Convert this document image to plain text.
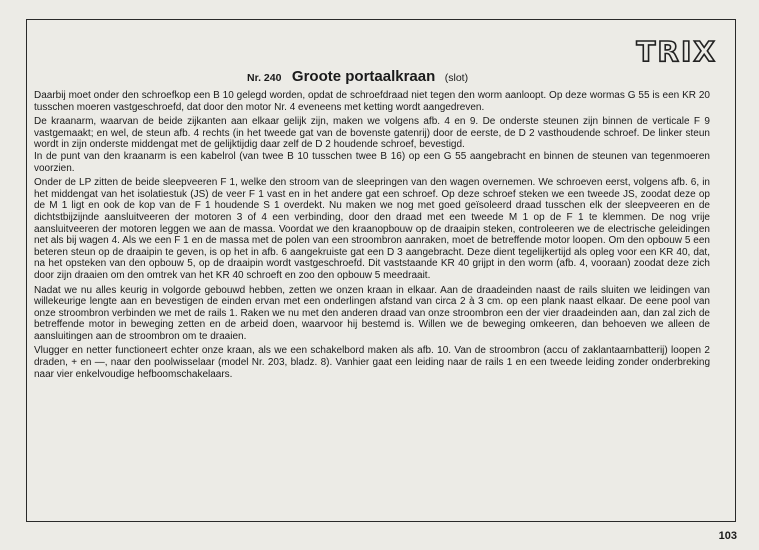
TRIX
Nr. 240 Groote portaalkraan (slot)

Daarbij moet onder den schroefkop een B 10 gelegd worden, opdat de schroefdraad niet tegen den worm aanloopt. Op deze wormas G 55 is een KR 20 tusschen moeren vastgeschroefd, dat door den motor Nr. 4 eveneens met ketting wordt aangedreven.

De kraanarm, waarvan de beide zijkanten aan elkaar gelijk zijn, maken we volgens afb. 4 en 9. De onderste steunen zijn binnen de verticale F 9 vastgemaakt; en wel, de steun afb. 4 rechts (in het tweede gat van de bovenste gatenrij) door de eerste, de D 2 vasthoudende schroef. De linker steun wordt in zijn onderste middengat met de gelijktijdig daar zelf de D 2 houdende schroef, bevestigd.

In de punt van den kraanarm is een kabelrol (van twee B 10 tusschen twee B 16) op een G 55 aangebracht en binnen de steunen van tegenmoeren voorzien.

Onder de LP zitten de beide sleepveeren F 1, welke den stroom van de sleepringen van den wagen overnemen. We schroeven eerst, volgens afb. 6, in het middengat van het isolatiestuk (JS) de veer F 1 vast en in het andere gat een schroef. Op deze schroef steken we een tweede JS, zoodat deze op de M 1 ligt en ook de kop van de F 1 houdende S 1 overdekt. Nu maken we nog met goed geïsoleerd draad tusschen elk der sleepveeren en de dichtstbijzijnde aansluitveeren der motoren 3 of 4 een verbinding, door den draad met een tweede M 1 op de F 1 te klemmen. De nog vrije aansluitveeren der motoren leggen we aan de massa. Voordat we den kraanopbouw op de draaipin steken, controleeren we de electrische geleidingen net als bij wagen 4. Als we een F 1 en de massa met de polen van een stroombron aanraken, moet de betreffende motor loopen. Om den opbouw 5 een beteren steun op de draaipin te geven, is op het in afb. 6 aangekruiste gat een D 3 aangebracht. Deze dient tegelijkertijd als opleg voor een KR 40, dat, na het opsteken van den opbouw 5, op de draaipin wordt vastgeschroefd. Dit vaststaande KR 40 grijpt in den worm (afb. 4, vooraan) zoodat deze zich door zijn draaien om den omtrek van het KR 40 schroeft en zoo den opbouw 5 meedraait.

Nadat we nu alles keurig in volgorde gebouwd hebben, zetten we onzen kraan in elkaar. Aan de draadeinden naast de rails sluiten we leidingen van willekeurige lengte aan en bevestigen de einden ervan met een onderlingen afstand van circa 2 à 3 cm. op een plank naast elkaar. De eene pool van onze stroombron verbinden we met de rails 1. Raken we nu met den anderen draad van onze stroombron een der vier draadeinden aan, dan zal zich de betreffende motor in beweging zetten en de arbeid doen, waarvoor hij bestemd is. Willen we de beweging omkeeren, dan behoeven we alleen de aansluitingen aan de stroombron om te draaien.

Vlugger en netter functioneert echter onze kraan, als we een schakelbord maken als afb. 10. Van de stroombron (accu of zaklantaarnbatterij) loopen 2 draden, + en —, naar den poolwisselaar (model Nr. 203, bladz. 8). Vanhier gaat een leiding naar de rails 1 en een tweede leiding zonder onderbreking naar vier enkelvoudige hefboomschakelaars.

103
